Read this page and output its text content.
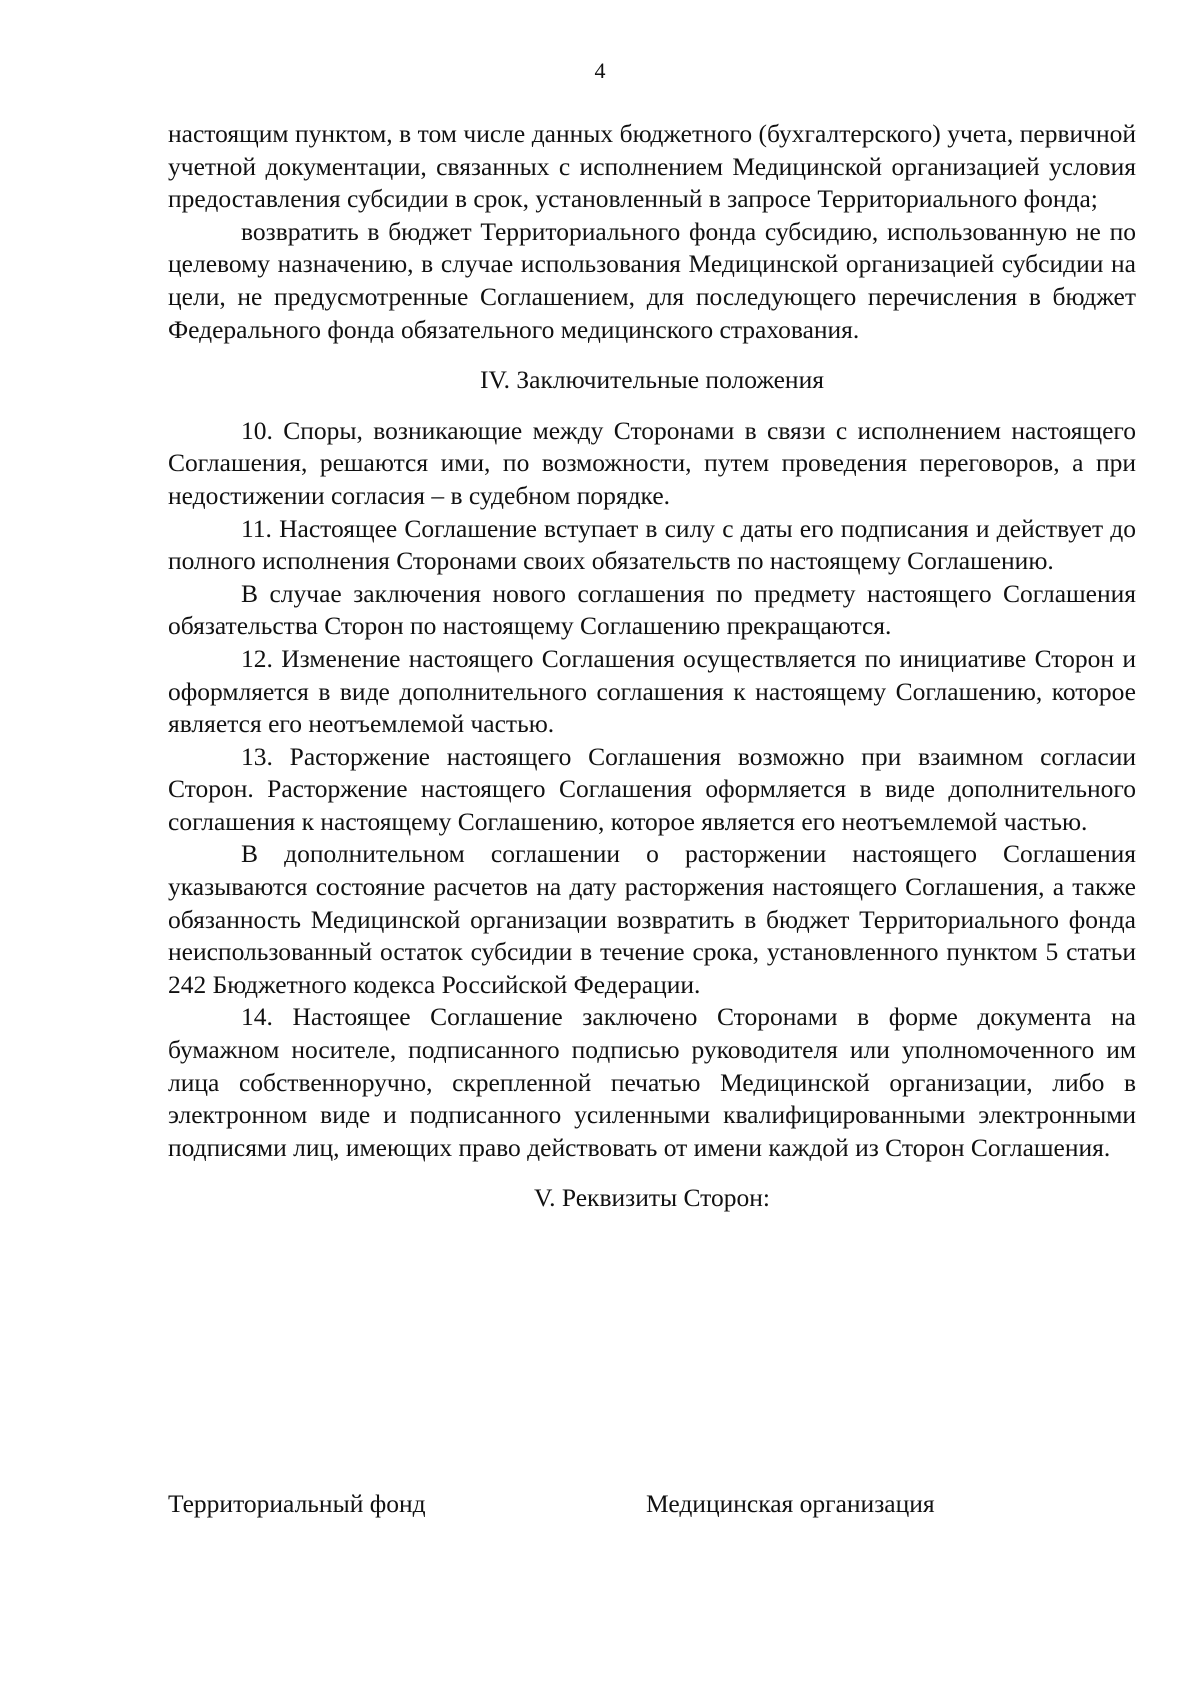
4

настоящим пунктом, в том числе данных бюджетного (бухгалтерского) учета, первичной учетной документации, связанных с исполнением Медицинской организацией условия предоставления субсидии в срок, установленный в запросе Территориального фонда;

возвратить в бюджет Территориального фонда субсидию, использованную не по целевому назначению, в случае использования Медицинской организацией субсидии на цели, не предусмотренные Соглашением, для последующего перечисления в бюджет Федерального фонда обязательного медицинского страхования.

IV. Заключительные положения

10. Споры, возникающие между Сторонами в связи с исполнением настоящего Соглашения, решаются ими, по возможности, путем проведения переговоров, а при недостижении согласия – в судебном порядке.

11. Настоящее Соглашение вступает в силу с даты его подписания и действует до полного исполнения Сторонами своих обязательств по настоящему Соглашению.

В случае заключения нового соглашения по предмету настоящего Соглашения обязательства Сторон по настоящему Соглашению прекращаются.

12. Изменение настоящего Соглашения осуществляется по инициативе Сторон и оформляется в виде дополнительного соглашения к настоящему Соглашению, которое является его неотъемлемой частью.

13. Расторжение настоящего Соглашения возможно при взаимном согласии Сторон. Расторжение настоящего Соглашения оформляется в виде дополнительного соглашения к настоящему Соглашению, которое является его неотъемлемой частью.

В дополнительном соглашении о расторжении настоящего Соглашения указываются состояние расчетов на дату расторжения настоящего Соглашения, а также обязанность Медицинской организации возвратить в бюджет Территориального фонда неиспользованный остаток субсидии в течение срока, установленного пунктом 5 статьи 242 Бюджетного кодекса Российской Федерации.

14. Настоящее Соглашение заключено Сторонами в форме документа на бумажном носителе, подписанного подписью руководителя или уполномоченного им лица собственноручно, скрепленной печатью Медицинской организации, либо в электронном виде и подписанного усиленными квалифицированными электронными подписями лиц, имеющих право действовать от имени каждой из Сторон Соглашения.

V. Реквизиты Сторон:

Территориальный фонд	Медицинская организация
